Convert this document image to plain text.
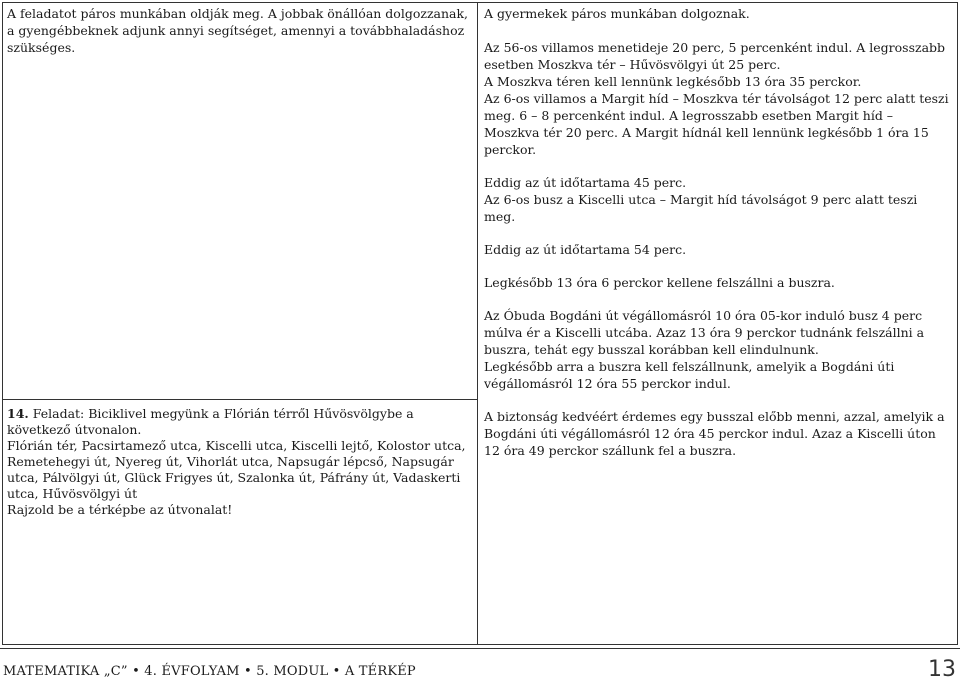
A feladatot páros munkában oldják meg. A jobbak önállóan dolgozzanak, a gyengébbeknek adjunk annyi segítséget, amennyi a továbbhaladáshoz szükséges.
14. Feladat: Biciklivel megyünk a Flórián térről Hűvösvölgybe a következő útvonalon.
Flórián tér, Pacsirtamező utca, Kiscelli utca, Kiscelli lejtő, Kolostor utca, Remetehegyi út, Nyereg út, Vihorlát utca, Napsugár lépcső, Napsugár utca, Pálvölgyi út, Glück Frigyes út, Szalonka út, Páfrány út, Vadaskerti utca, Hűvösvölgyi út
Rajzold be a térképbe az útvonalat!

A gyermekek páros munkában dolgoznak.

Az 56-os villamos menetideje 20 perc, 5 percenként indul. A legrosszabb esetben Moszkva tér – Hűvösvölgyi út 25 perc.

A Moszkva téren kell lennünk legkésőbb 13 óra 35 perckor.

Az 6-os villamos a Margit híd – Moszkva tér távolságot 12 perc alatt teszi meg. 6 – 8 percenként indul. A legrosszabb esetben Margit híd – Moszkva tér 20 perc. A Margit hídnál kell lennünk legkésőbb 1 óra 15 perckor.

Eddig az út időtartama 45 perc.

Az 6-os busz a Kiscelli utca – Margit híd távolságot 9 perc alatt teszi meg.

Eddig az út időtartama 54 perc.

Legkésőbb 13 óra 6 perckor kellene felszállni a buszra.

Az Óbuda Bogdáni út végállomásról 10 óra 05-kor induló busz 4 perc múlva ér a Kiscelli utcába. Azaz 13 óra 9 perckor tudnánk felszállni a buszra, tehát egy busszal korábban kell elindulnunk.

Legkésőbb arra a buszra kell felszállnunk, amelyik a Bogdáni úti végállomásról 12 óra 55 perckor indul.

A biztonság kedvéért érdemes egy busszal előbb menni, azzal, amelyik a Bogdáni úti végállomásról 12 óra 45 perckor indul. Azaz a Kiscelli úton 12 óra 49 perckor szállunk fel a buszra.

MATEMATIKA „C” • 4. ÉVFOLYAM • 5. MODUL • A TÉRKÉP	13
